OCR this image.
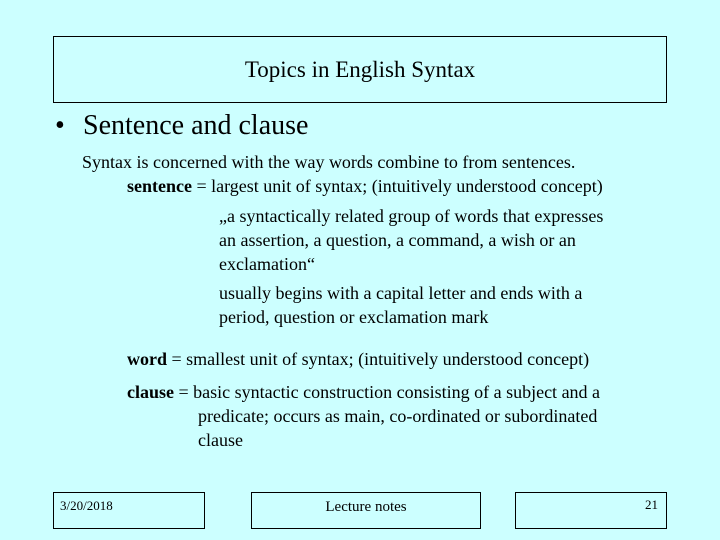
Topics in English Syntax
• Sentence and clause
Syntax is concerned with the way words combine to from sentences.
sentence = largest unit of syntax; (intuitively understood concept)
„a syntactically related group of words that expresses
an assertion, a question, a command, a wish or an
exclamation“
usually begins with a capital letter and ends with a
period, question or exclamation mark
word = smallest unit of syntax; (intuitively understood concept)
clause = basic syntactic construction consisting of a subject and a
predicate; occurs as main, co-ordinated or subordinated
clause
3/20/2018	Lecture notes	21
